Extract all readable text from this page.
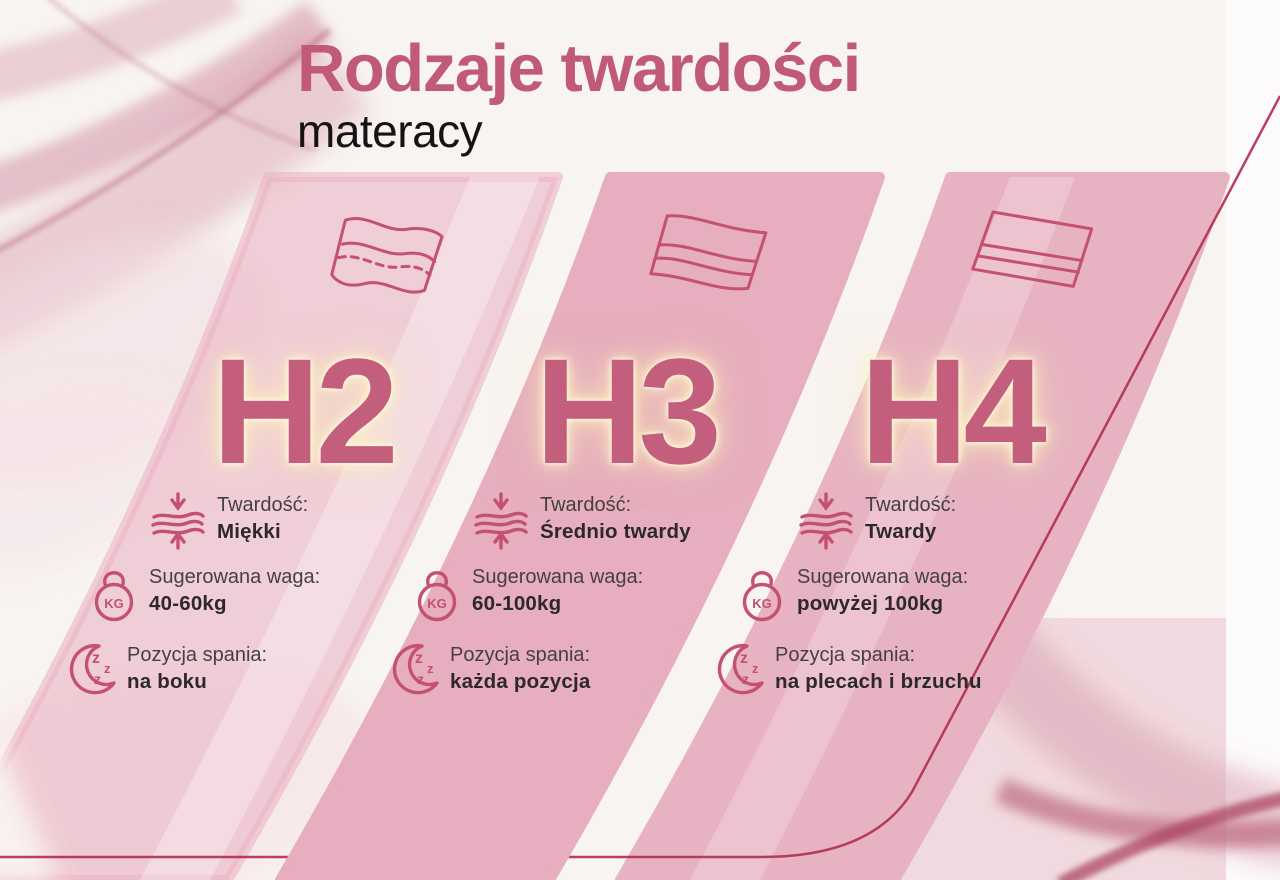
Rodzaje twardości
materacy
H2
Twardość:
Miękki
KG
Sugerowana waga:
40-60kg
z
z
z
Pozycja spania:
na boku
H3
Twardość:
Średnio twardy
KG
Sugerowana waga:
60-100kg
z
z
z
Pozycja spania:
każda pozycja
H4
Twardość:
Twardy
KG
Sugerowana waga:
powyżej 100kg
z
z
z
Pozycja spania:
na plecach i brzuchu
